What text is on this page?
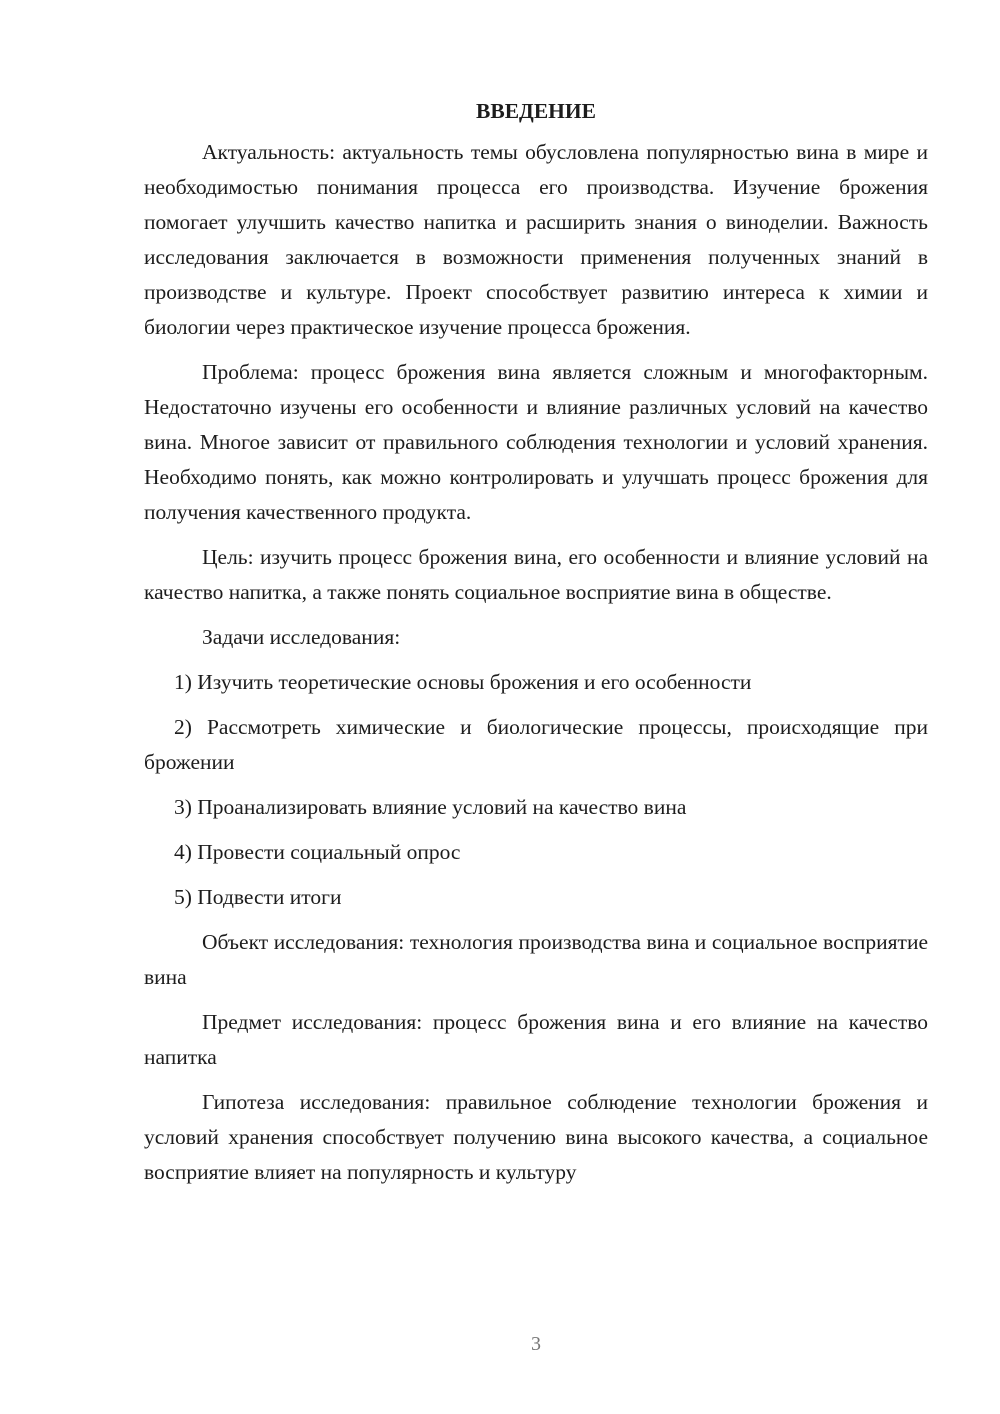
ВВЕДЕНИЕ

Актуальность: актуальность темы обусловлена популярностью вина в мире и необходимостью понимания процесса его производства. Изучение брожения помогает улучшить качество напитка и расширить знания о виноделии. Важность исследования заключается в возможности применения полученных знаний в производстве и культуре. Проект способствует развитию интереса к химии и биологии через практическое изучение процесса брожения.

Проблема: процесс брожения вина является сложным и многофакторным. Недостаточно изучены его особенности и влияние различных условий на качество вина. Многое зависит от правильного соблюдения технологии и условий хранения. Необходимо понять, как можно контролировать и улучшать процесс брожения для получения качественного продукта.

Цель: изучить процесс брожения вина, его особенности и влияние условий на качество напитка, а также понять социальное восприятие вина в обществе.

Задачи исследования:

1) Изучить теоретические основы брожения и его особенности

2) Рассмотреть химические и биологические процессы, происходящие при брожении

3) Проанализировать влияние условий на качество вина

4) Провести социальный опрос

5) Подвести итоги

Объект исследования: технология производства вина и социальное восприятие вина

Предмет исследования: процесс брожения вина и его влияние на качество напитка

Гипотеза исследования: правильное соблюдение технологии брожения и условий хранения способствует получению вина высокого качества, а социальное восприятие влияет на популярность и культуру

3
